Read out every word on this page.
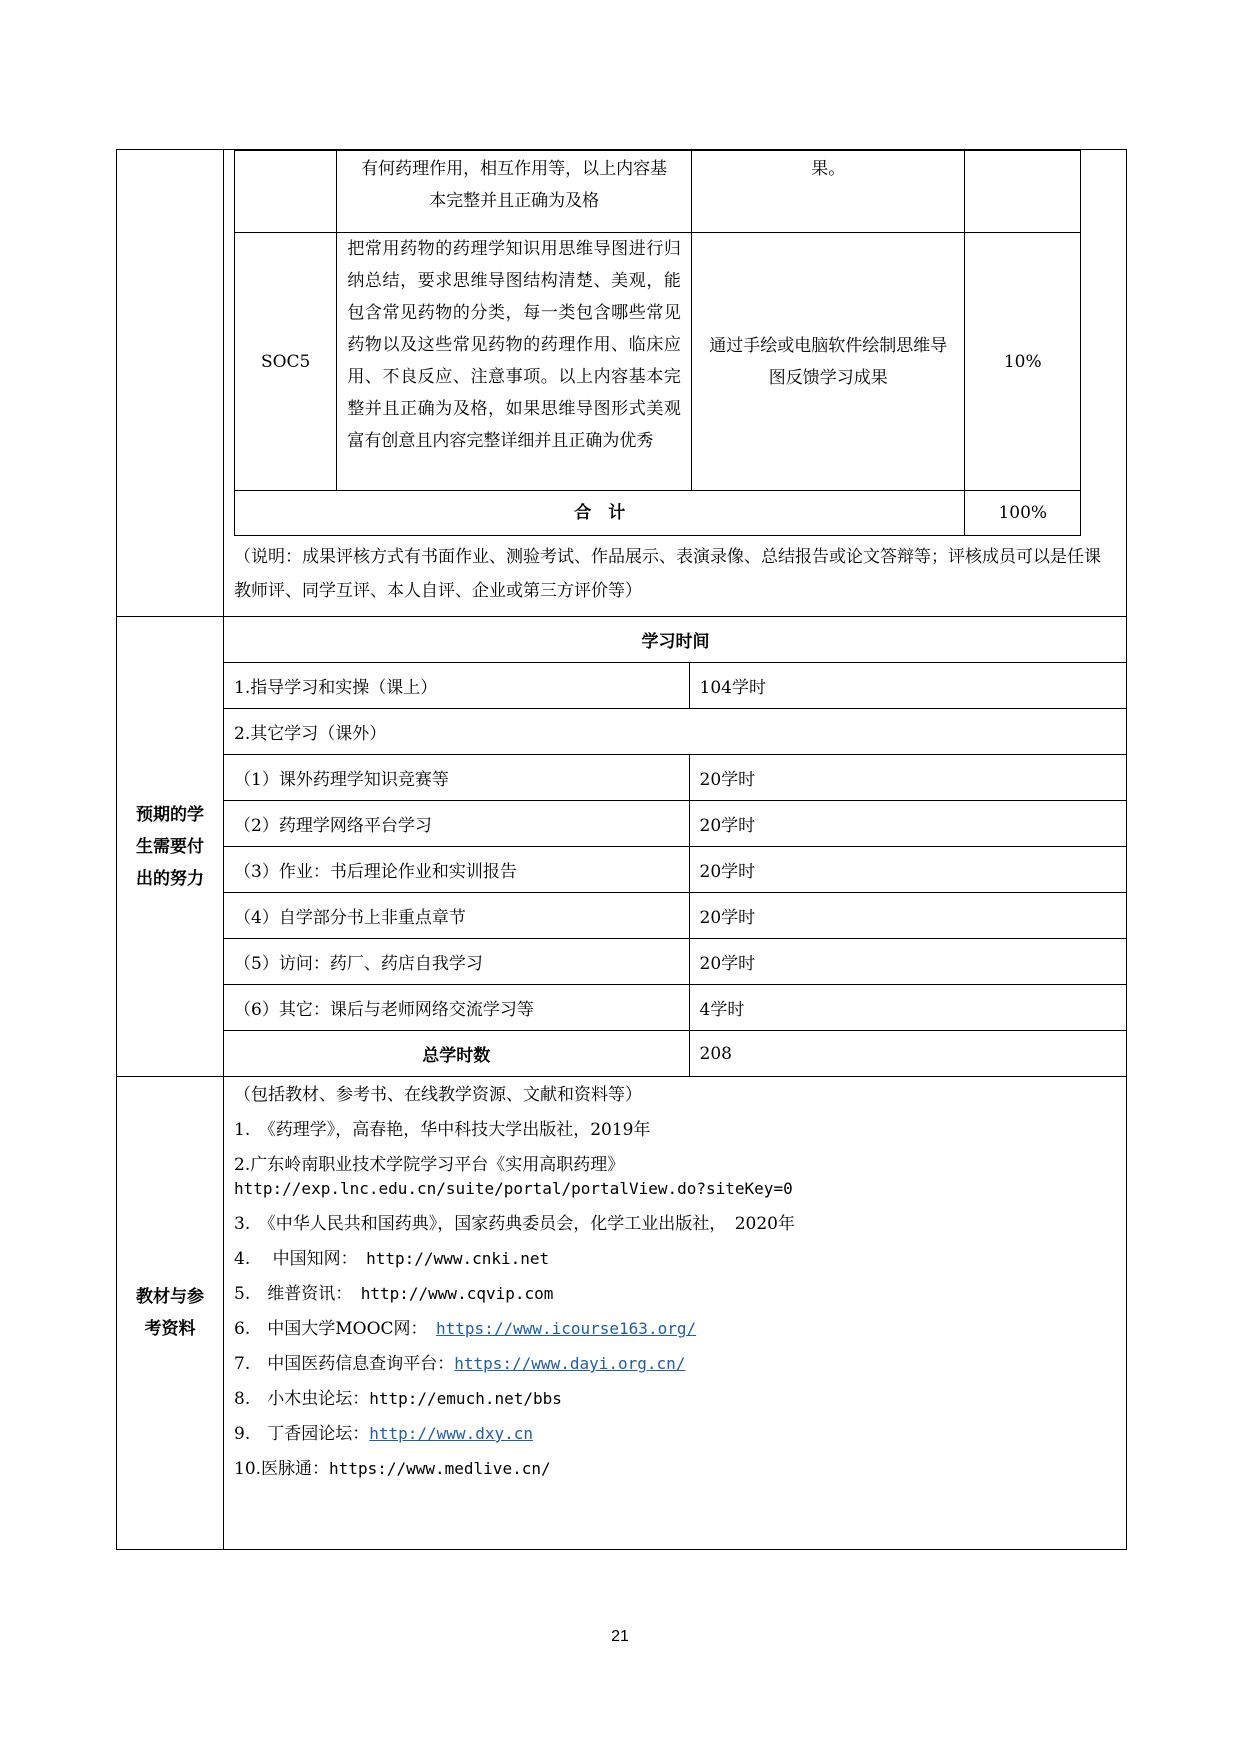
	有何药理作用，相互作用等，以上内容基本完整并且正确为及格	果。	
SOC5	把常用药物的药理学知识用思维导图进行归纳总结，要求思维导图结构清楚、美观，能包含常见药物的分类，每一类包含哪些常见药物以及这些常见药物的药理作用、临床应用、不良反应、注意事项。以上内容基本完整并且正确为及格，如果思维导图形式美观富有创意且内容完整详细并且正确为优秀	通过手绘或电脑软件绘制思维导图反馈学习成果	10%
合　计	100%
（说明：成果评核方式有书面作业、测验考试、作品展示、表演录像、总结报告或论文答辩等；评核成员可以是任课教师评、同学互评、本人自评、企业或第三方评价等）

预期的学生需要付出的努力

学习时间
1.指导学习和实操（课上）	104学时
2.其它学习（课外）
（1）课外药理学知识竞赛等	20学时
（2）药理学网络平台学习	20学时
（3）作业：书后理论作业和实训报告	20学时
（4）自学部分书上非重点章节	20学时
（5）访问：药厂、药店自我学习	20学时
（6）其它：课后与老师网络交流学习等	4学时
总学时数	208

教材与参考资料

（包括教材、参考书、在线教学资源、文献和资料等）
1.　《药理学》，高春艳，华中科技大学出版社，2019年
2.广东岭南职业技术学院学习平台《实用高职药理》
http://exp.lnc.edu.cn/suite/portal/portalView.do?siteKey=0
3.　《中华人民共和国药典》，国家药典委员会，化学工业出版社，　2020年
4.　 中国知网：　http://www.cnki.net
5.　维普资讯：　http://www.cqvip.com
6.　中国大学MOOC网：　https://www.icourse163.org/
7.　中国医药信息查询平台：https://www.dayi.org.cn/
8.　小木虫论坛：http://emuch.net/bbs
9.　丁香园论坛：http://www.dxy.cn
10.医脉通：https://www.medlive.cn/
21
